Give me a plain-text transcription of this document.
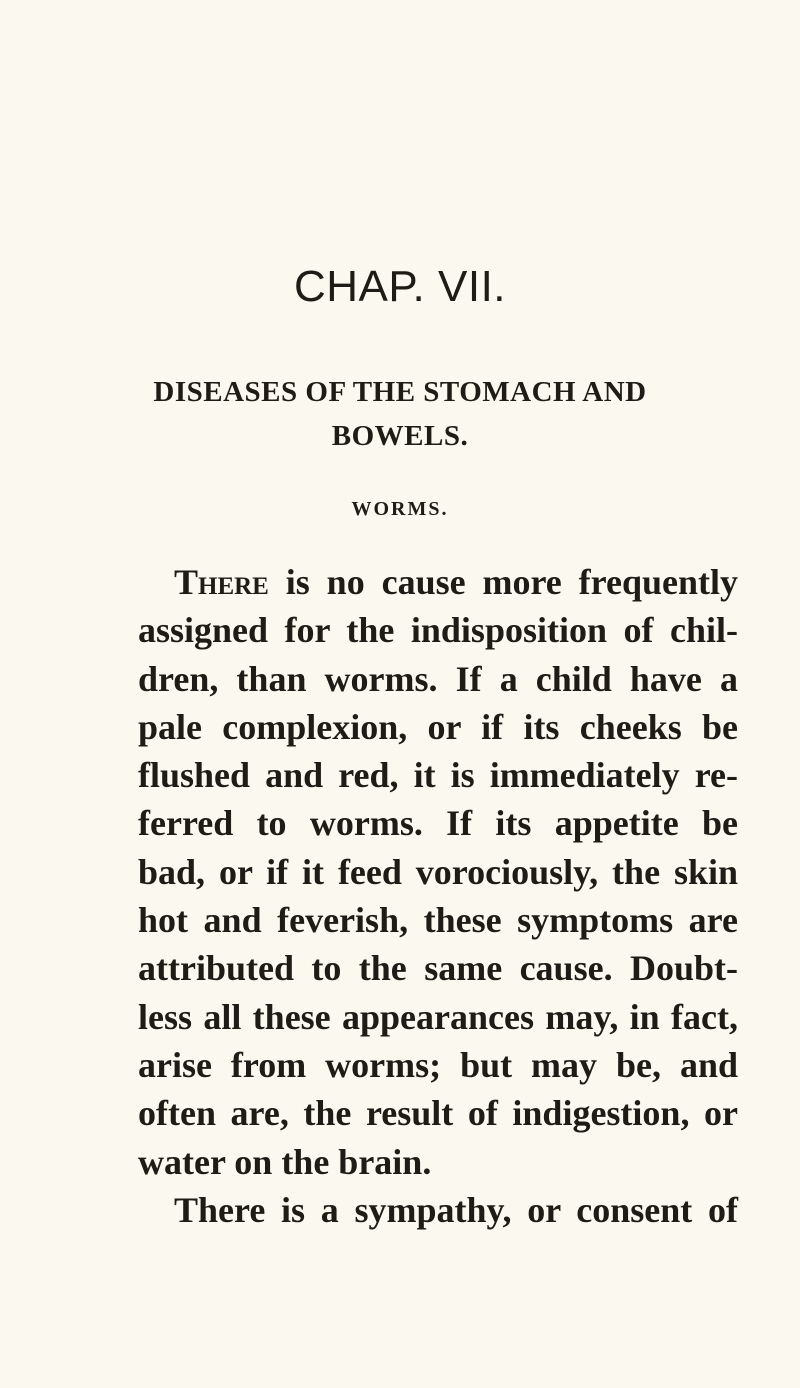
CHAP. VII.
DISEASES OF THE STOMACH AND
BOWELS.
WORMS.
There is no cause more frequently
assigned for the indisposition of chil-
dren, than worms. If a child have a
pale complexion, or if its cheeks be
flushed and red, it is immediately re-
ferred to worms. If its appetite be
bad, or if it feed vorociously, the skin
hot and feverish, these symptoms are
attributed to the same cause. Doubt-
less all these appearances may, in fact,
arise from worms; but may be, and
often are, the result of indigestion, or
water on the brain.
There is a sympathy, or consent of
